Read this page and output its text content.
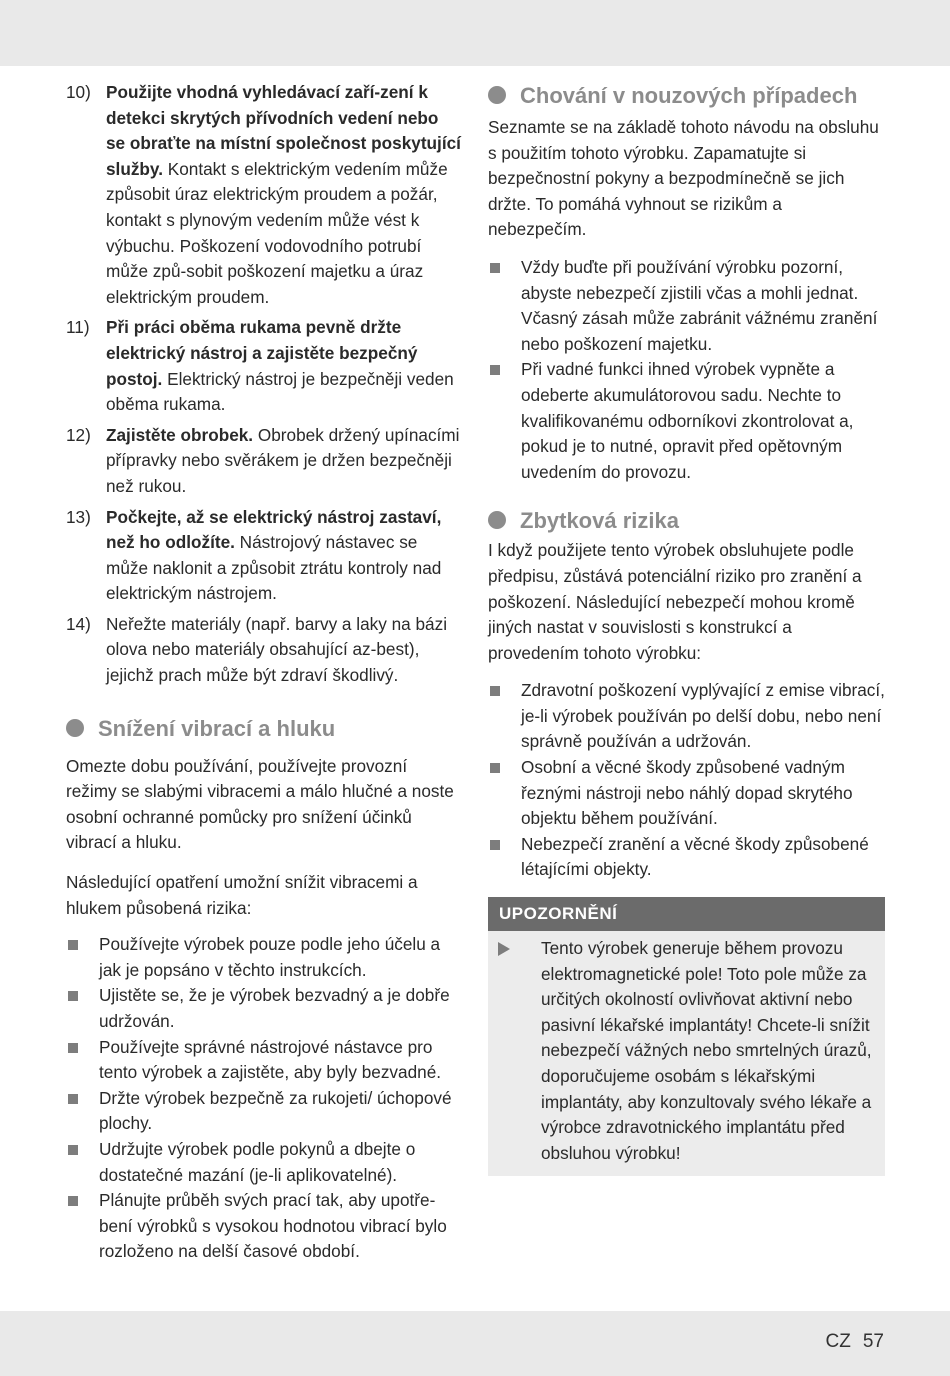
10) Použijte vhodná vyhledávací zaří-zení k detekci skrytých přívodních vedení nebo se obraťte na místní společnost poskytující služby. Kontakt s elektrickým vedením může způsobit úraz elektrickým proudem a požár, kontakt s plynovým vedením může vést k výbuchu. Poškození vodovodního potrubí může způ-sobit poškození majetku a úraz elektrickým proudem.
11) Při práci oběma rukama pevně držte elektrický nástroj a zajistěte bezpečný postoj. Elektrický nástroj je bezpečněji veden oběma rukama.
12) Zajistěte obrobek. Obrobek držený upínacími přípravky nebo svěrákem je držen bezpečněji než rukou.
13) Počkejte, až se elektrický nástroj zastaví, než ho odložíte. Nástrojový nástavec se může naklonit a způsobit ztrátu kontroly nad elektrickým nástrojem.
14) Neřežte materiály (např. barvy a laky na bázi olova nebo materiály obsahující az-best), jejichž prach může být zdraví škodlivý.
Snížení vibrací a hluku

Omezte dobu používání, používejte provozní režimy se slabými vibracemi a málo hlučné a noste osobní ochranné pomůcky pro snížení účinků vibrací a hluku.

Následující opatření umožní snížit vibracemi a hlukem působená rizika:

Používejte výrobek pouze podle jeho účelu a jak je popsáno v těchto instrukcích.
Ujistěte se, že je výrobek bezvadný a je dobře udržován.
Používejte správné nástrojové nástavce pro tento výrobek a zajistěte, aby byly bezvadné.
Držte výrobek bezpečně za rukojeti/ úchopové plochy.
Udržujte výrobek podle pokynů a dbejte o dostatečné mazání (je-li aplikovatelné).
Plánujte průběh svých prací tak, aby upotře-bení výrobků s vysokou hodnotou vibrací bylo rozloženo na delší časové období.
Chování v nouzových případech

Seznamte se na základě tohoto návodu na obsluhu s použitím tohoto výrobku. Zapamatujte si bezpečnostní pokyny a bezpodmínečně se jich držte. To pomáhá vyhnout se rizikům a nebezpečím.

Vždy buďte při používání výrobku pozorní, abyste nebezpečí zjistili včas a mohli jednat. Včasný zásah může zabránit vážnému zranění nebo poškození majetku.
Při vadné funkci ihned výrobek vypněte a odeberte akumulátorovou sadu. Nechte to kvalifikovanému odborníkovi zkontrolovat a, pokud je to nutné, opravit před opětovným uvedením do provozu.
Zbytková rizika

I když použijete tento výrobek obsluhujete podle předpisu, zůstává potenciální riziko pro zranění a poškození. Následující nebezpečí mohou kromě jiných nastat v souvislosti s konstrukcí a provedením tohoto výrobku:

Zdravotní poškození vyplývající z emise vibrací, je-li výrobek používán po delší dobu, nebo není správně používán a udržován.
Osobní a věcné škody způsobené vadným řeznými nástroji nebo náhlý dopad skrytého objektu během používání.
Nebezpečí zranění a věcné škody způsobené létajícími objekty.
UPOZORNĚNÍ
Tento výrobek generuje během provozu elektromagnetické pole! Toto pole může za určitých okolností ovlivňovat aktivní nebo pasivní lékařské implantáty! Chcete-li snížit nebezpečí vážných nebo smrtelných úrazů, doporučujeme osobám s lékařskými implantáty, aby konzultovaly svého lékaře a výrobce zdravotnického implantátu před obsluhou výrobku!
CZ 57
